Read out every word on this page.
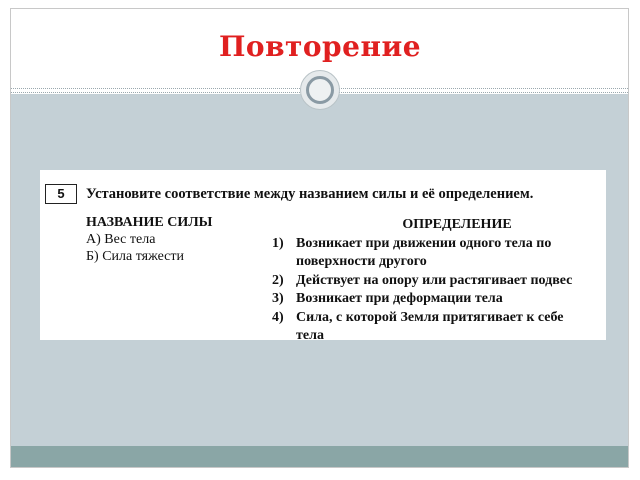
Повторение
5	Установите соответствие между названием силы и её определением.
НАЗВАНИЕ СИЛЫ
А) Вес тела
Б) Сила тяжести
ОПРЕДЕЛЕНИЕ
1) Возникает при движении одного тела по
поверхности другого
2) Действует на опору или растягивает подвес
3) Возникает при деформации тела
4) Сила, с которой Земля притягивает к себе
тела
